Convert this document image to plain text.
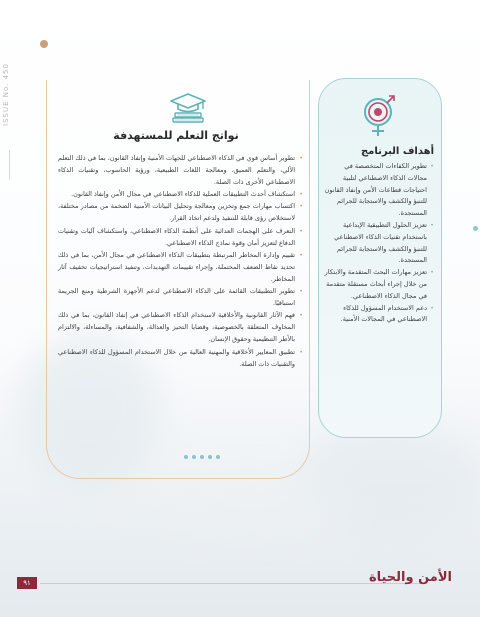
ISSUE No. 450
نواتج التعلم للمستهدفة
• تطوير أساس قوي في الذكاء الاصطناعي للجهات الأمنية وإنفاذ القانون، بما في ذلك التعلم الآلي، والتعلم العميق، ومعالجة اللغات الطبيعية، ورؤية الحاسوب، وتقنيات الذكاء الاصطناعي الأخرى ذات الصلة.
• استكشاف أحدث التطبيقات العملية للذكاء الاصطناعي في مجال الأمن وإنفاذ القانون.
• اكتساب مهارات جمع وتخزين ومعالجة وتحليل البيانات الأمنية الضخمة من مصادر مختلفة، لاستخلاص رؤى قابلة للتنفيذ ولدعم اتخاذ القرار.
• التعرف على الهجمات العدائية على أنظمة الذكاء الاصطناعي، واستكشاف آليات وتقنيات الدفاع لتعزيز أمان وقوة نماذج الذكاء الاصطناعي.
• تقييم وإدارة المخاطر المرتبطة بتطبيقات الذكاء الاصطناعي في مجال الأمن، بما في ذلك تحديد نقاط الضعف المحتملة، وإجراء تقييمات التهديدات، وتنفيذ استراتيجيات تخفيف آثار المخاطر.
• تطوير التطبيقات القائمة على الذكاء الاصطناعي لدعم الأجهزة الشرطية ومنع الجريمة استباقيًا.
• فهم الآثار القانونية والأخلاقية لاستخدام الذكاء الاصطناعي في إنفاذ القانون، بما في ذلك المخاوف المتعلقة بالخصوصية، وقضايا التحيز والعدالة، والشفافية، والمساءلة، والالتزام بالأطر التنظيمية وحقوق الإنسان.
• تطبيق المعايير الأخلاقية والمهنية العالية من خلال الاستخدام المسؤول للذكاء الاصطناعي والتقنيات ذات الصلة.
أهداف البرنامج
• تطوير الكفاءات المتخصصة في مجالات الذكاء الاصطناعي لتلبية احتياجات قطاعات الأمن وإنفاذ القانون للتنبؤ والكشف والاستجابة للجرائم المستجدة.
• تعزيز الحلول التطبيقية الإبداعية باستخدام تقنيات الذكاء الاصطناعي للتنبؤ والكشف والاستجابة للجرائم المستجدة.
• تعزيز مهارات البحث المتقدمة والابتكار من خلال إجراء أبحاث مستقلة متقدمة في مجال الذكاء الاصطناعي.
• دعم الاستخدام المسؤول للذكاء الاصطناعي في المجالات الأمنية.
الأمن والحياة
٩١
